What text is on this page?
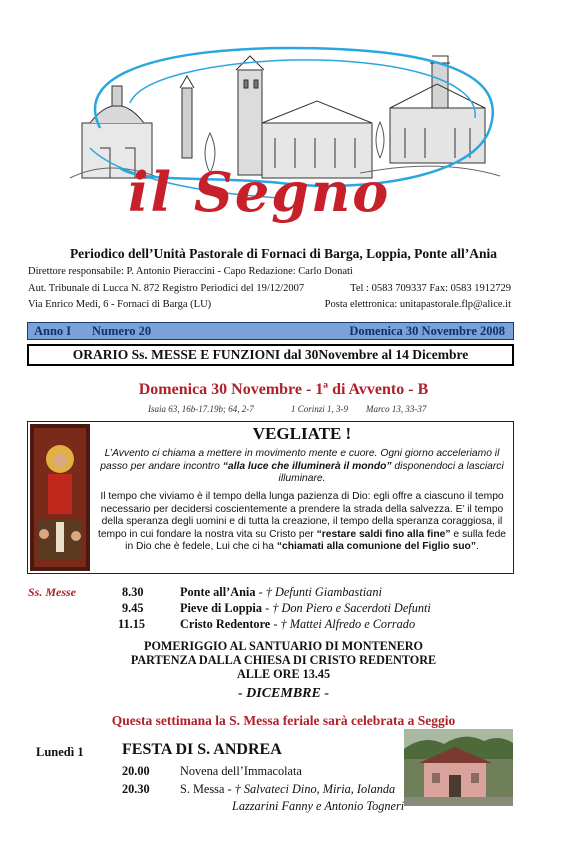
il Segno
Periodico dell’Unità Pastorale di Fornaci di Barga, Loppia, Ponte all’Ania
Direttore responsabile: P. Antonio Pieraccini - Capo Redazione: Carlo Donati
Aut. Tribunale di Lucca N. 872 Registro Periodici del 19/12/2007	Tel : 0583 709337 Fax: 0583 1912729
Via Enrico Medi, 6 - Fornaci di Barga (LU)	Posta elettronica: unitapastorale.flp@alice.it
Anno I Numero 20	Domenica 30 Novembre 2008
ORARIO Ss. MESSE E FUNZIONI dal 30Novembre al 14 Dicembre
Domenica 30 Novembre - 1ª di Avvento - B
Isaia 63, 16b-17.19b; 64, 2-7	1 Corinzi 1, 3-9 Marco 13, 33-37
VEGLIATE !
L’Avvento ci chiama a mettere in movimento mente e cuore. Ogni giorno acceleriamo il passo per andare incontro “alla luce che illuminerà il mondo” disponendoci a lasciarci illuminare.
Il tempo che viviamo è il tempo della lunga pazienza di Dio: egli offre a ciascuno il tempo necessario per decidersi coscientemente a prendere la strada della salvezza. E’ il tempo della speranza degli uomini e di tutta la creazione, il tempo della speranza coraggiosa, il tempo in cui fondare la nostra vita su Cristo per “restare saldi fino alla fine” e sulla fede in Dio che è fedele, Lui che ci ha “chiamati alla comunione del Figlio suo”.
Ss. Messe	8.30	Ponte all’Ania - † Defunti Giambastiani
9.45	Pieve di Loppia - † Don Piero e Sacerdoti Defunti
11.15	Cristo Redentore - † Mattei Alfredo e Corrado
POMERIGGIO AL SANTUARIO DI MONTENERO
PARTENZA DALLA CHIESA DI CRISTO REDENTORE
ALLE ORE 13.45
- DICEMBRE -
Questa settimana la S. Messa feriale sarà celebrata a Seggio
Lunedì 1 FESTA DI S. ANDREA
20.00 Novena dell’Immacolata
20.30 S. Messa - † Salvateci Dino, Miria, Iolanda
Lazzarini Fanny e Antonio Togneri
